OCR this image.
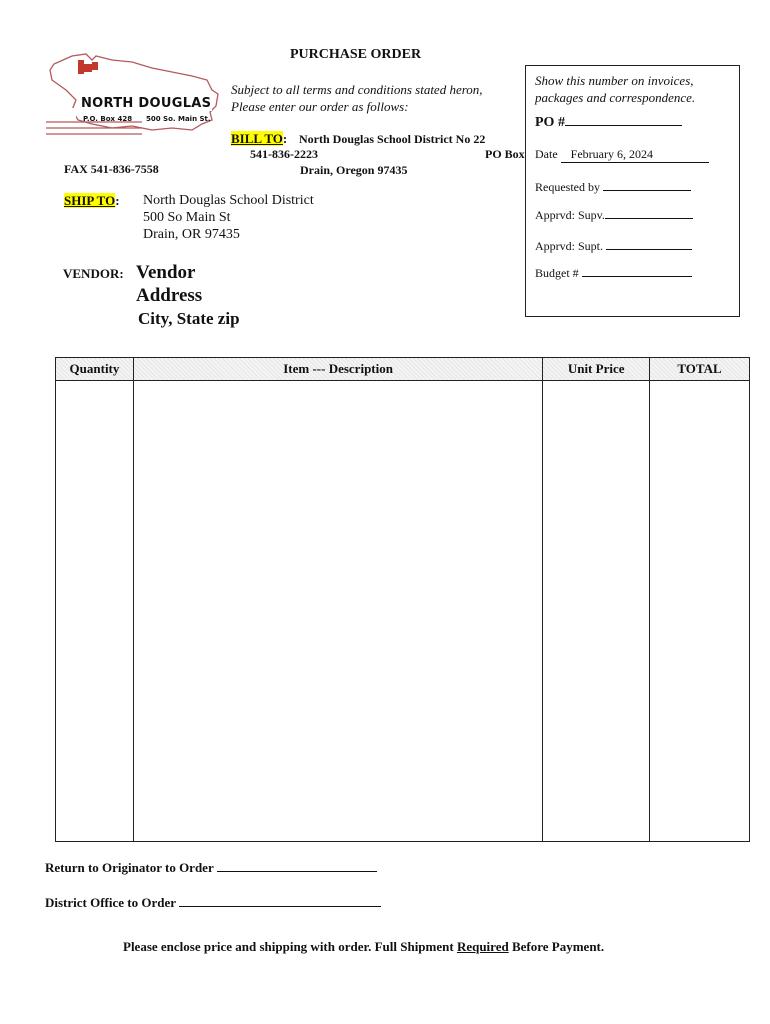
NORTH DOUGLAS
P.O. Box 428 500 So. Main St.
PURCHASE ORDER
Subject to all terms and conditions stated heron,
Please enter our order as follows:
BILL TO: North Douglas School District No 22
541-836-2223	PO Box
Drain, Oregon 97435
FAX 541-836-7558
SHIP TO: North Douglas School District
500 So Main St
Drain, OR 97435
VENDOR: Vendor
Address
City, State zip
Show this number on invoices,
packages and correspondence.
PO #
Date February 6, 2024
Requested by
Apprvd: Supv.
Apprvd: Supt.
Budget #
Quantity	Item --- Description	Unit Price	TOTAL

Return to Originator to Order
District Office to Order
Please enclose price and shipping with order. Full Shipment Required Before Payment.
